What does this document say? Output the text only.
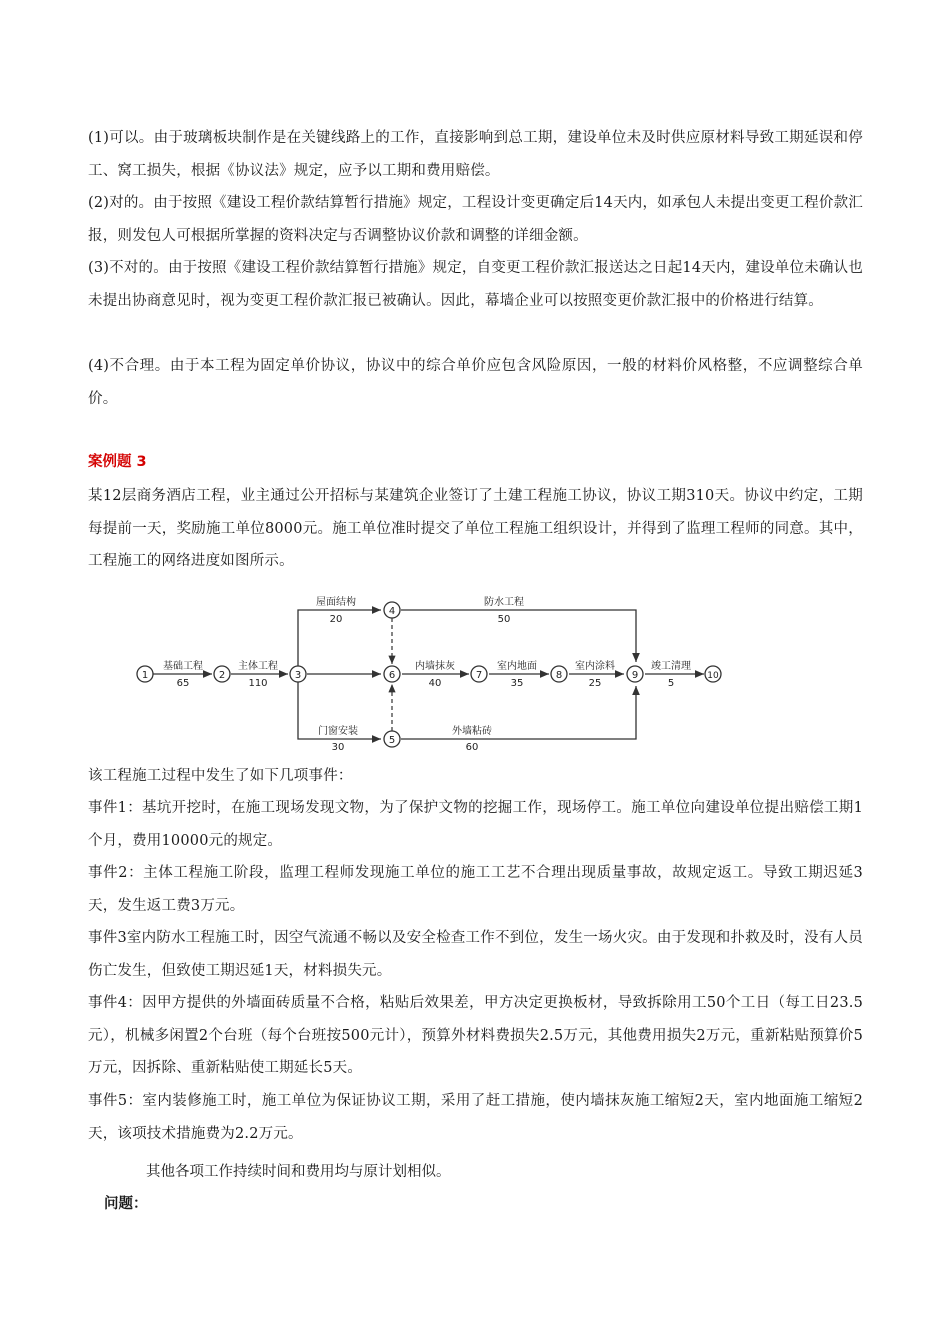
(1)可以。由于玻璃板块制作是在关键线路上的工作，直接影响到总工期，建设单位未及时供应原材料导致工期延误和停工、窝工损失，根据《协议法》规定，应予以工期和费用赔偿。

(2)对的。由于按照《建设工程价款结算暂行措施》规定，工程设计变更确定后14天内，如承包人未提出变更工程价款汇报，则发包人可根据所掌握的资料决定与否调整协议价款和调整的详细金额。

(3)不对的。由于按照《建设工程价款结算暂行措施》规定，自变更工程价款汇报送达之日起14天内，建设单位未确认也未提出协商意见时，视为变更工程价款汇报已被确认。因此，幕墙企业可以按照变更价款汇报中的价格进行结算。

(4)不合理。由于本工程为固定单价协议，协议中的综合单价应包含风险原因，一般的材料价风格整，不应调整综合单价。

案例题 3

某12层商务酒店工程，业主通过公开招标与某建筑企业签订了土建工程施工协议，协议工期310天。协议中约定，工期每提前一天，奖励施工单位8000元。施工单位准时提交了单位工程施工组织设计，并得到了监理工程师的同意。其中，工程施工的网络进度如图所示。

1	2	3
4
5
6	7	8	9	10
基础工程
65
主体工程
110
屋面结构
20
防水工程
50
内墙抹灰
40
室内地面
35
室内涂料
25
竣工清理
5
门窗安装
30
外墙粘砖
60

该工程施工过程中发生了如下几项事件：

事件1：基坑开挖时，在施工现场发现文物，为了保护文物的挖掘工作，现场停工。施工单位向建设单位提出赔偿工期1个月，费用10000元的规定。

事件2：主体工程施工阶段，监理工程师发现施工单位的施工工艺不合理出现质量事故，故规定返工。导致工期迟延3天，发生返工费3万元。

事件3室内防水工程施工时，因空气流通不畅以及安全检查工作不到位，发生一场火灾。由于发现和扑救及时，没有人员伤亡发生，但致使工期迟延1天，材料损失元。

事件4：因甲方提供的外墙面砖质量不合格，粘贴后效果差，甲方决定更换板材，导致拆除用工50个工日（每工日23.5元），机械多闲置2个台班（每个台班按500元计），预算外材料费损失2.5万元，其他费用损失2万元，重新粘贴预算价5万元，因拆除、重新粘贴使工期延长5天。

事件5：室内装修施工时，施工单位为保证协议工期，采用了赶工措施，使内墙抹灰施工缩短2天，室内地面施工缩短2天，该项技术措施费为2.2万元。

其他各项工作持续时间和费用均与原计划相似。

问题：
